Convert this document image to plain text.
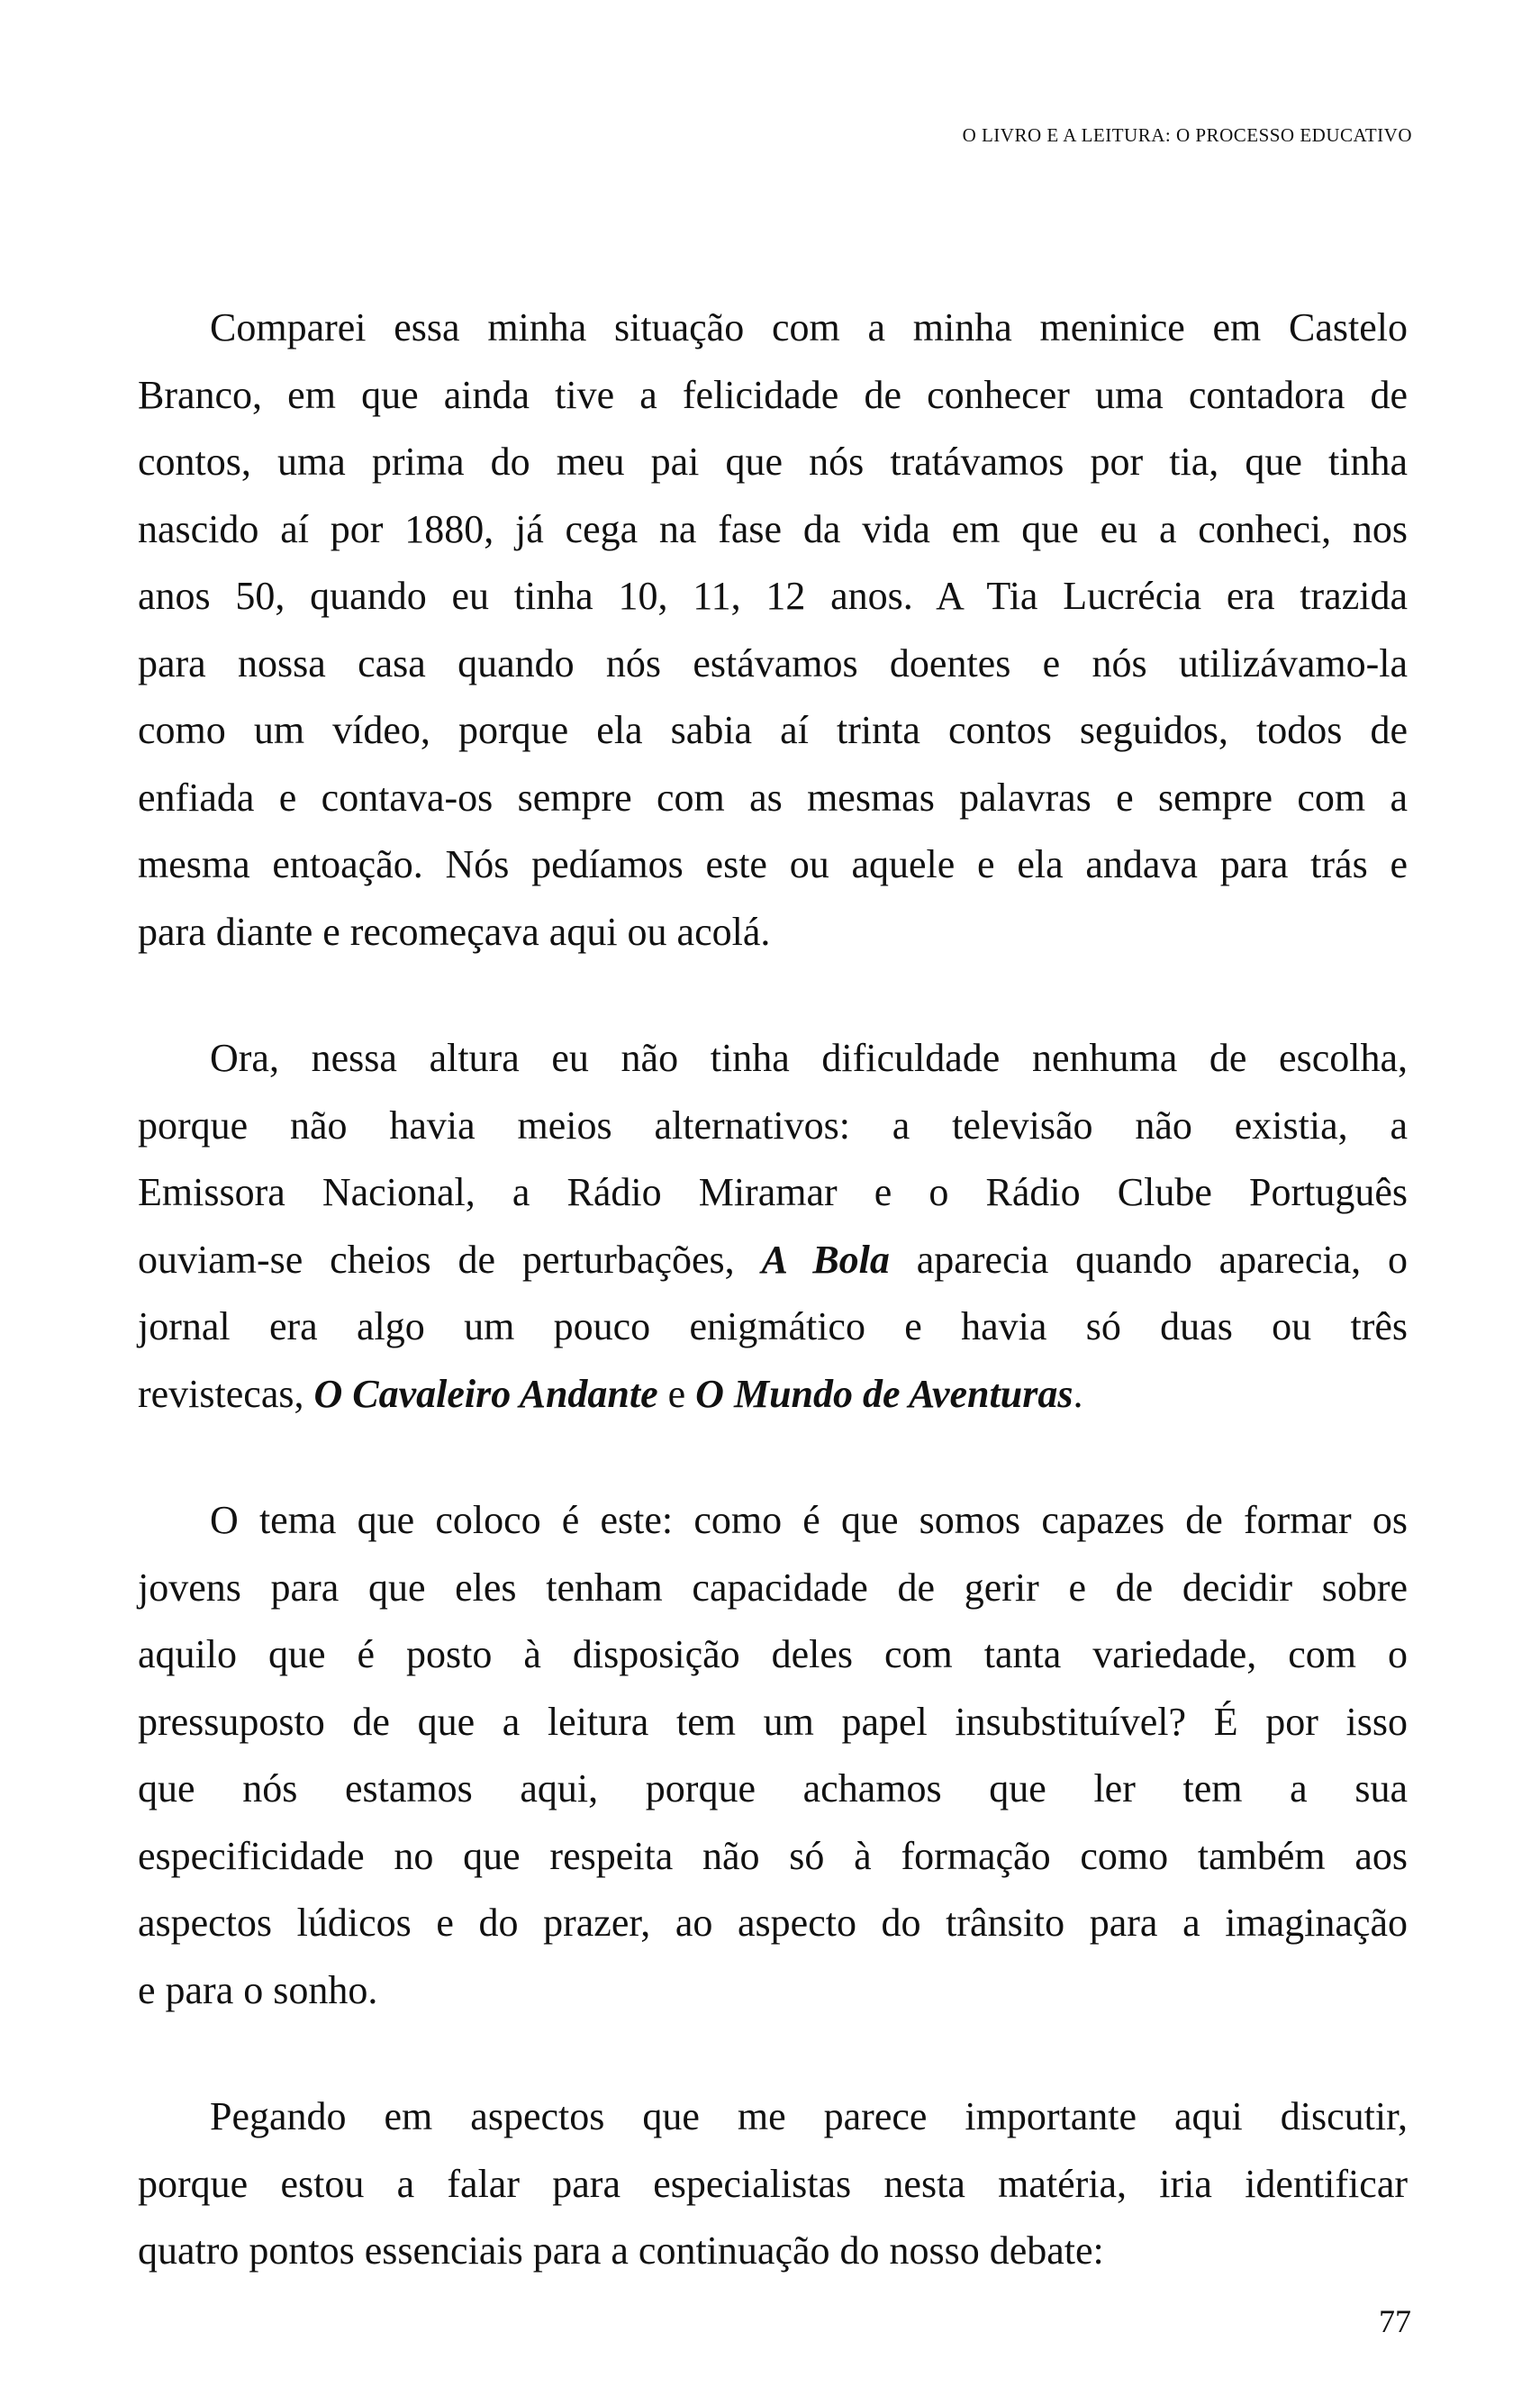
O LIVRO E A LEITURA: O PROCESSO EDUCATIVO

Comparei essa minha situação com a minha meninice em Castelo
Branco, em que ainda tive a felicidade de conhecer uma contadora de
contos, uma prima do meu pai que nós tratávamos por tia, que tinha
nascido aí por 1880, já cega na fase da vida em que eu a conheci, nos
anos 50, quando eu tinha 10, 11, 12 anos. A Tia Lucrécia era trazida
para nossa casa quando nós estávamos doentes e nós utilizávamo-la
como um vídeo, porque ela sabia aí trinta contos seguidos, todos de
enfiada e contava-os sempre com as mesmas palavras e sempre com a
mesma entoação. Nós pedíamos este ou aquele e ela andava para trás e
para diante e recomeçava aqui ou acolá.

Ora, nessa altura eu não tinha dificuldade nenhuma de escolha,
porque não havia meios alternativos: a televisão não existia, a
Emissora Nacional, a Rádio Miramar e o Rádio Clube Português
ouviam-se cheios de perturbações, A Bola aparecia quando aparecia, o
jornal era algo um pouco enigmático e havia só duas ou três
revistecas, O Cavaleiro Andante e O Mundo de Aventuras.

O tema que coloco é este: como é que somos capazes de formar os
jovens para que eles tenham capacidade de gerir e de decidir sobre
aquilo que é posto à disposição deles com tanta variedade, com o
pressuposto de que a leitura tem um papel insubstituível? É por isso
que nós estamos aqui, porque achamos que ler tem a sua
especificidade no que respeita não só à formação como também aos
aspectos lúdicos e do prazer, ao aspecto do trânsito para a imaginação
e para o sonho.

Pegando em aspectos que me parece importante aqui discutir,
porque estou a falar para especialistas nesta matéria, iria identificar
quatro pontos essenciais para a continuação do nosso debate:

77
